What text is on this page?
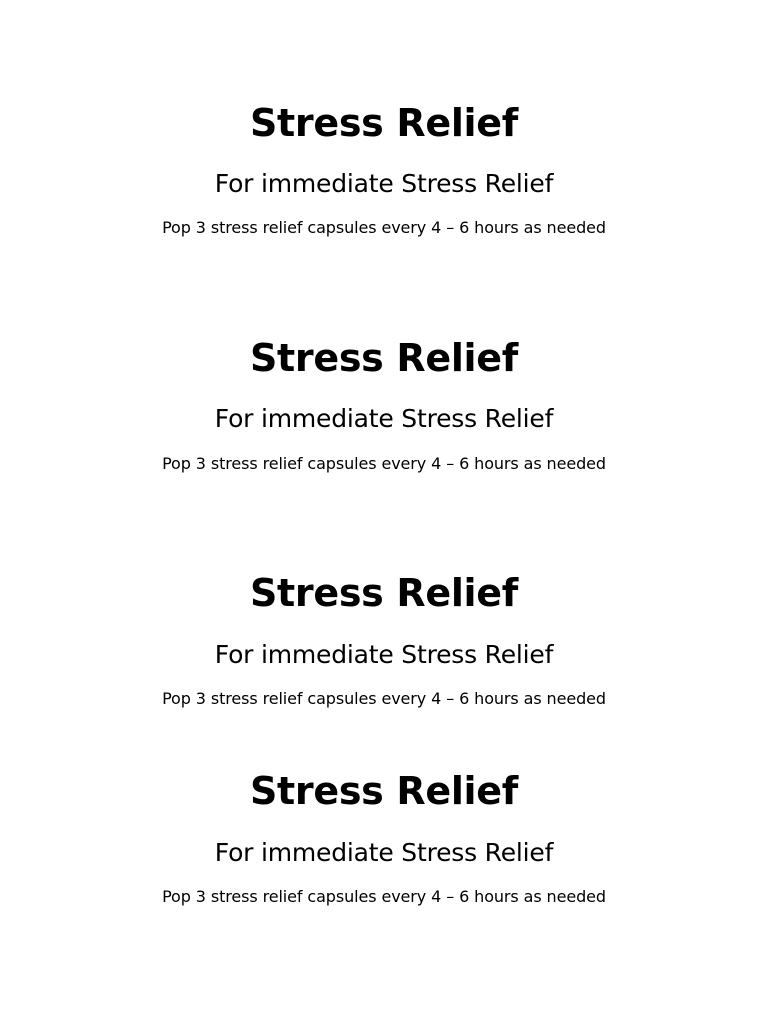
Stress Relief
For immediate Stress Relief
Pop 3 stress relief capsules every 4 – 6 hours as needed
Stress Relief
For immediate Stress Relief
Pop 3 stress relief capsules every 4 – 6 hours as needed
Stress Relief
For immediate Stress Relief
Pop 3 stress relief capsules every 4 – 6 hours as needed
Stress Relief
For immediate Stress Relief
Pop 3 stress relief capsules every 4 – 6 hours as needed
